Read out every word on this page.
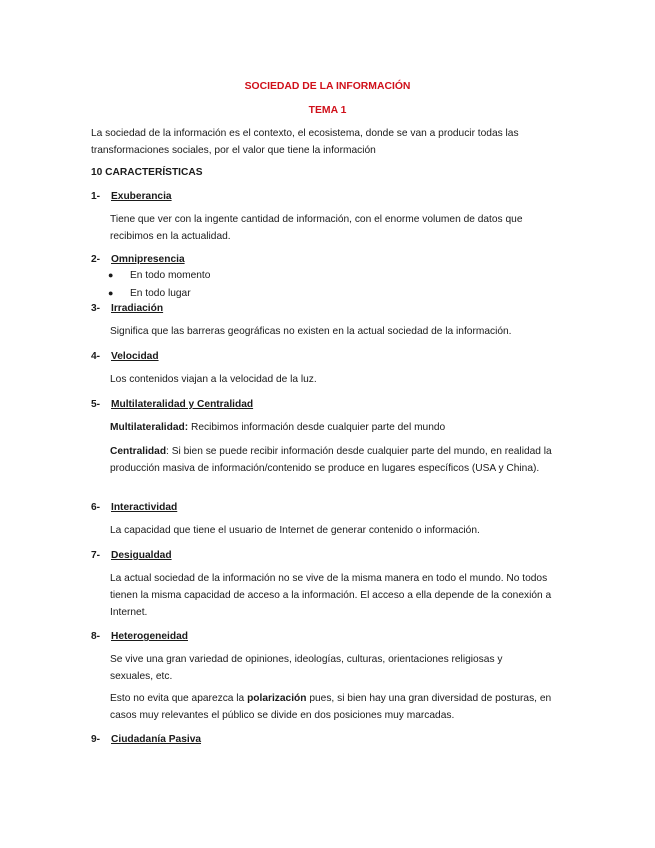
SOCIEDAD DE LA INFORMACIÓN
TEMA 1
La sociedad de la información es el contexto, el ecosistema, donde se van a producir todas las transformaciones sociales, por el valor que tiene la información
10 CARACTERÍSTICAS
1- Exuberancia
Tiene que ver con la ingente cantidad de información, con el enorme volumen de datos que recibimos en la actualidad.
2- Omnipresencia
● En todo momento
● En todo lugar
3- Irradiación
Significa que las barreras geográficas no existen en la actual sociedad de la información.
4- Velocidad
Los contenidos viajan a la velocidad de la luz.
5- Multilateralidad y Centralidad
Multilateralidad: Recibimos información desde cualquier parte del mundo
Centralidad: Si bien se puede recibir información desde cualquier parte del mundo, en realidad la producción masiva de información/contenido se produce en lugares específicos (USA y China).
6- Interactividad
La capacidad que tiene el usuario de Internet de generar contenido o información.
7- Desigualdad
La actual sociedad de la información no se vive de la misma manera en todo el mundo. No todos tienen la misma capacidad de acceso a la información. El acceso a ella depende de la conexión a Internet.
8- Heterogeneidad
Se vive una gran variedad de opiniones, ideologías, culturas, orientaciones religiosas y sexuales, etc.
Esto no evita que aparezca la polarización pues, si bien hay una gran diversidad de posturas, en casos muy relevantes el público se divide en dos posiciones muy marcadas.
9- Ciudadanía Pasiva
